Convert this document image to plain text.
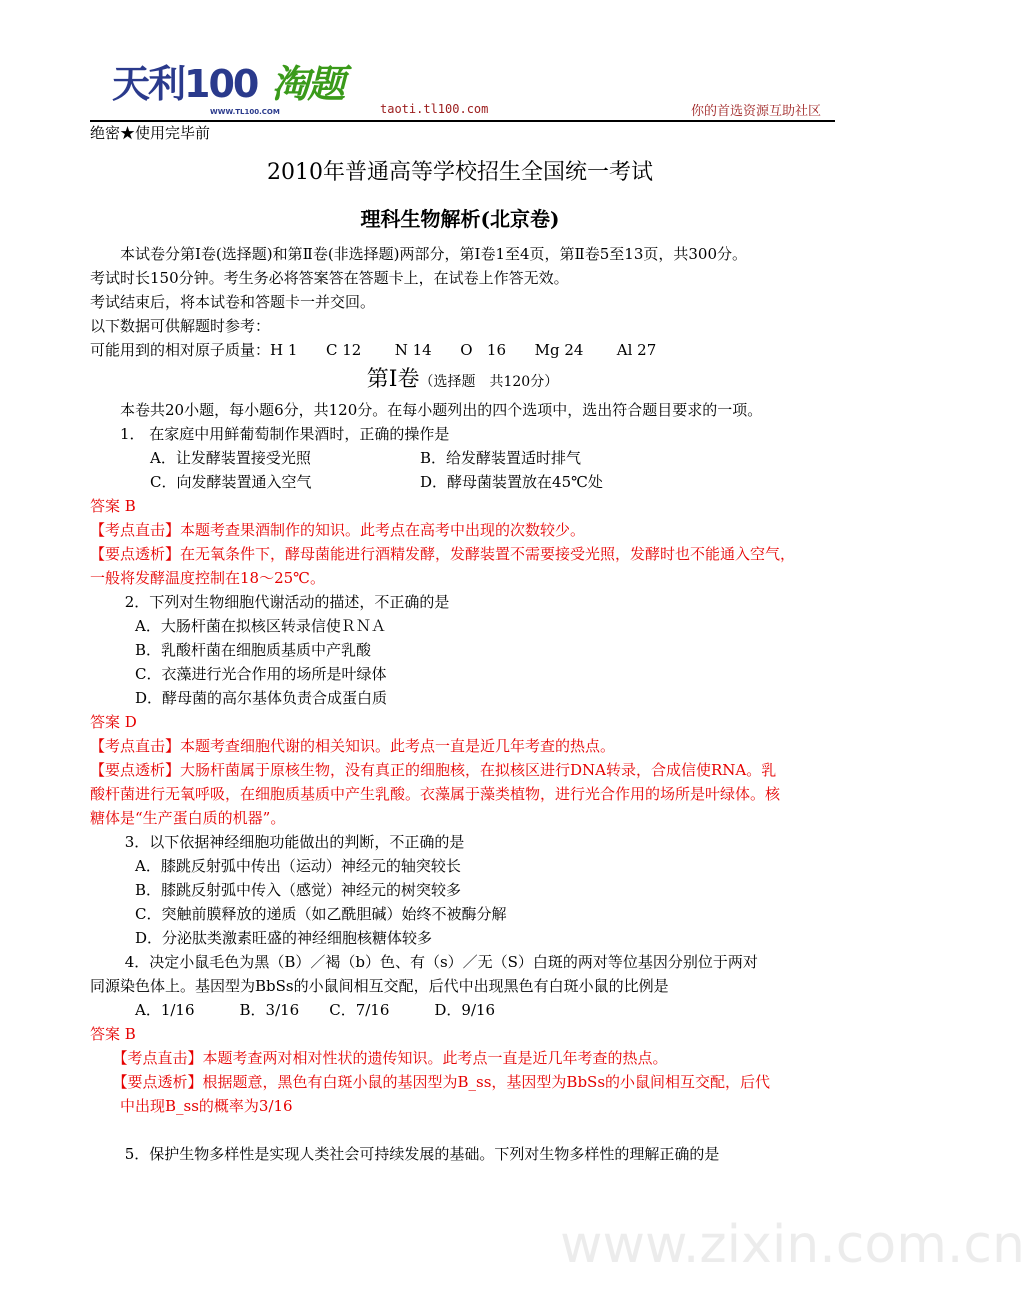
天利100 淘题
WWW.TL100.COM	taoti.tl100.com	你的首选资源互助社区
绝密★使用完毕前
2010年普通高等学校招生全国统一考试
理科生物解析(北京卷)
www.zixin.com.cn
　　本试卷分第Ⅰ卷(选择题)和第Ⅱ卷(非选择题)两部分，第Ⅰ卷1至4页，第Ⅱ卷5至13页，共300分。
考试时长150分钟。考生务必将答案答在答题卡上，在试卷上作答无效。
考试结束后，将本试卷和答题卡一并交回。
以下数据可供解题时参考：
可能用到的相对原子质量：H 1      C 12       N 14      O   16      Mg 24       Al 27
第Ⅰ卷（选择题　共120分）
　　本卷共20小题，每小题6分，共120分。在每小题列出的四个选项中，选出符合题目要求的一项。
　　1． 在家庭中用鲜葡萄制作果酒时，正确的操作是
　　　　A．让发酵装置接受光照	B．给发酵装置适时排气
　　　　C．向发酵装置通入空气	D．酵母菌装置放在45℃处
答案 B
【考点直击】本题考查果酒制作的知识。此考点在高考中出现的次数较少。
【要点透析】在无氧条件下，酵母菌能进行酒精发酵，发酵装置不需要接受光照，发酵时也不能通入空气，
一般将发酵温度控制在18～25℃。
　　 2．下列对生物细胞代谢活动的描述，不正确的是
　　　A．大肠杆菌在拟核区转录信使ＲＮＡ
　　　B．乳酸杆菌在细胞质基质中产乳酸
　　　C．衣藻进行光合作用的场所是叶绿体
　　　D．酵母菌的高尔基体负责合成蛋白质
答案 D
【考点直击】本题考查细胞代谢的相关知识。此考点一直是近几年考查的热点。
【要点透析】大肠杆菌属于原核生物，没有真正的细胞核，在拟核区进行DNA转录，合成信使RNA。乳
酸杆菌进行无氧呼吸，在细胞质基质中产生乳酸。衣藻属于藻类植物，进行光合作用的场所是叶绿体。核
糖体是“生产蛋白质的机器”。
　　 3．以下依据神经细胞功能做出的判断，不正确的是
　　　A．膝跳反射弧中传出（运动）神经元的轴突较长
　　　B．膝跳反射弧中传入（感觉）神经元的树突较多
　　　C．突触前膜释放的递质（如乙酰胆碱）始终不被酶分解
　　　D．分泌肽类激素旺盛的神经细胞核糖体较多
　　 4．决定小鼠毛色为黑（B）／褐（b）色、有（s）／无（S）白斑的两对等位基因分别位于两对
同源染色体上。基因型为BbSs的小鼠间相互交配，后代中出现黑色有白斑小鼠的比例是
　　　A．1/16　　　B．3/16　　C．7/16　　　D．9/16
答案 B
　　【考点直击】本题考查两对相对性状的遗传知识。此考点一直是近几年考查的热点。
　　【要点透析】根据题意，黑色有白斑小鼠的基因型为B_ss，基因型为BbSs的小鼠间相互交配，后代
　　中出现B_ss的概率为3/16
　　 5．保护生物多样性是实现人类社会可持续发展的基础。下列对生物多样性的理解正确的是
